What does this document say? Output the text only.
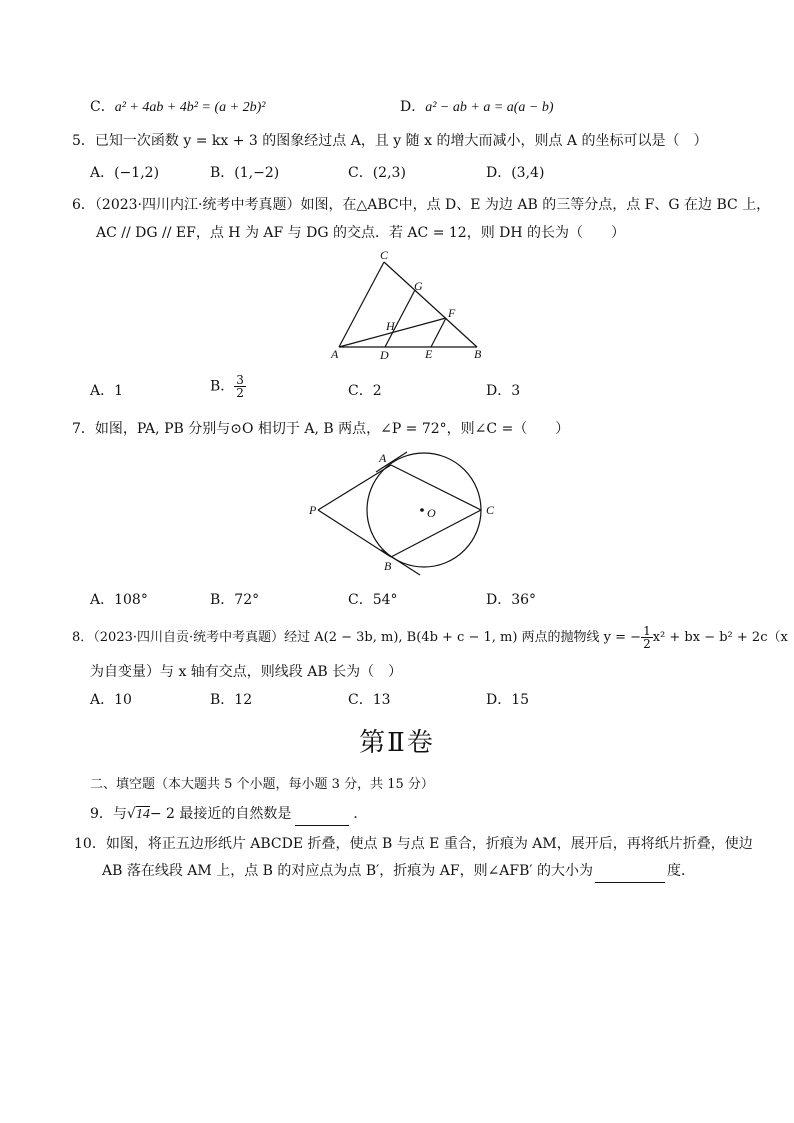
C．a² + 4ab + 4b² = (a + 2b)²	D．a² − ab + a = a(a − b)
5．已知一次函数 y = kx + 3 的图象经过点 A，且 y 随 x 的增大而减小，则点 A 的坐标可以是（　）
A．(−1,2)	B．(1,−2)	C．(2,3)	D．(3,4)
6．（2023·四川内江·统考中考真题）如图，在△ABC中，点 D、E 为边 AB 的三等分点，点 F、G 在边 BC 上，
AC // DG // EF，点 H 为 AF 与 DG 的交点．若 AC = 12，则 DH 的长为（　　）
C
G
F
H
A	D	E	B
A．1	B． $\frac{3}{2}$	C．2	D．3
7．如图，PA, PB 分别与⊙O 相切于 A, B 两点，∠P = 72°，则∠C =（　　）
P
A
B
C
O
A．108°	B．72°	C．54°	D．36°
8．（2023·四川自贡·统考中考真题）经过 A(2 − 3b, m), B(4b + c − 1, m) 两点的抛物线 y = − $\frac{1}{2} x^2$ + bx − b² + 2c（x
为自变量）与 x 轴有交点，则线段 AB 长为（　）
A．10	B．12	C．13	D．15
第Ⅱ卷
二、填空题（本大题共 5 个小题，每小题 3 分，共 15 分）
9．与√14− 2 最接近的自然数是	．
10．如图，将正五边形纸片 ABCDE 折叠，使点 B 与点 E 重合，折痕为 AM，展开后，再将纸片折叠，使边
AB 落在线段 AM 上，点 B 的对应点为点 B′，折痕为 AF，则∠AFB′ 的大小为	度．
